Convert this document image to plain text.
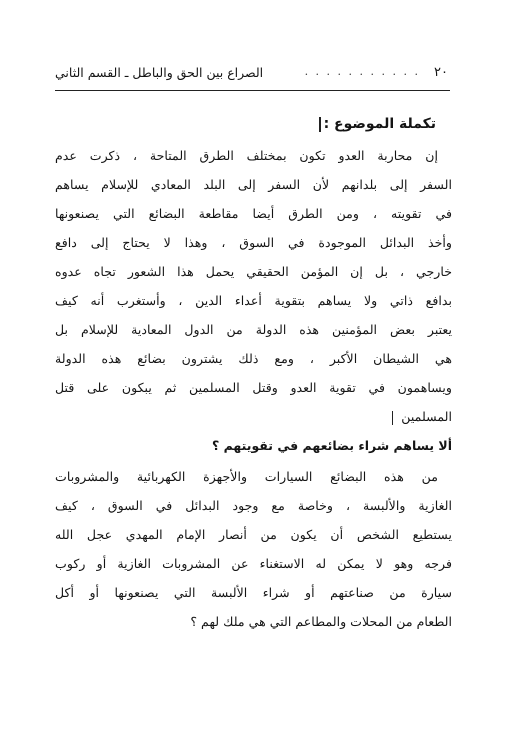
٢٠
. . . . . . . . . . .
الصراع بين الحق والباطل ـ القسم الثاني
تكملة الموضوع :
إن محاربة العدو تكون بمختلف الطرق المتاحة ، ذكرت عدم
السفر إلى بلدانهم لأن السفر إلى البلد المعادي للإسلام يساهم
في تقويته ، ومن الطرق أيضا مقاطعة البضائع التي يصنعونها
وأخذ البدائل الموجودة في السوق ، وهذا لا يحتاج إلى دافع
خارجي ، بل إن المؤمن الحقيقي يحمل هذا الشعور تجاه عدوه
بدافع ذاتي ولا يساهم بتقوية أعداء الدين ، وأستغرب أنه كيف
يعتبر بعض المؤمنين هذه الدولة من الدول المعادية للإسلام بل
هي الشيطان الأكبر ، ومع ذلك يشترون بضائع هذه الدولة
ويساهمون في تقوية العدو وقتل المسلمين ثم يبكون على قتل
المسلمين
ألا يساهم شراء بضائعهم في تقويتهم ؟
من هذه البضائع السيارات والأجهزة الكهربائية والمشروبات
الغازية والألبسة ، وخاصة مع وجود البدائل في السوق ، كيف
يستطيع الشخص أن يكون من أنصار الإمام المهدي عجل الله
فرجه وهو لا يمكن له الاستغناء عن المشروبات الغازية أو ركوب
سيارة من صناعتهم أو شراء الألبسة التي يصنعونها أو أكل
الطعام من المحلات والمطاعم التي هي ملك لهم ؟
